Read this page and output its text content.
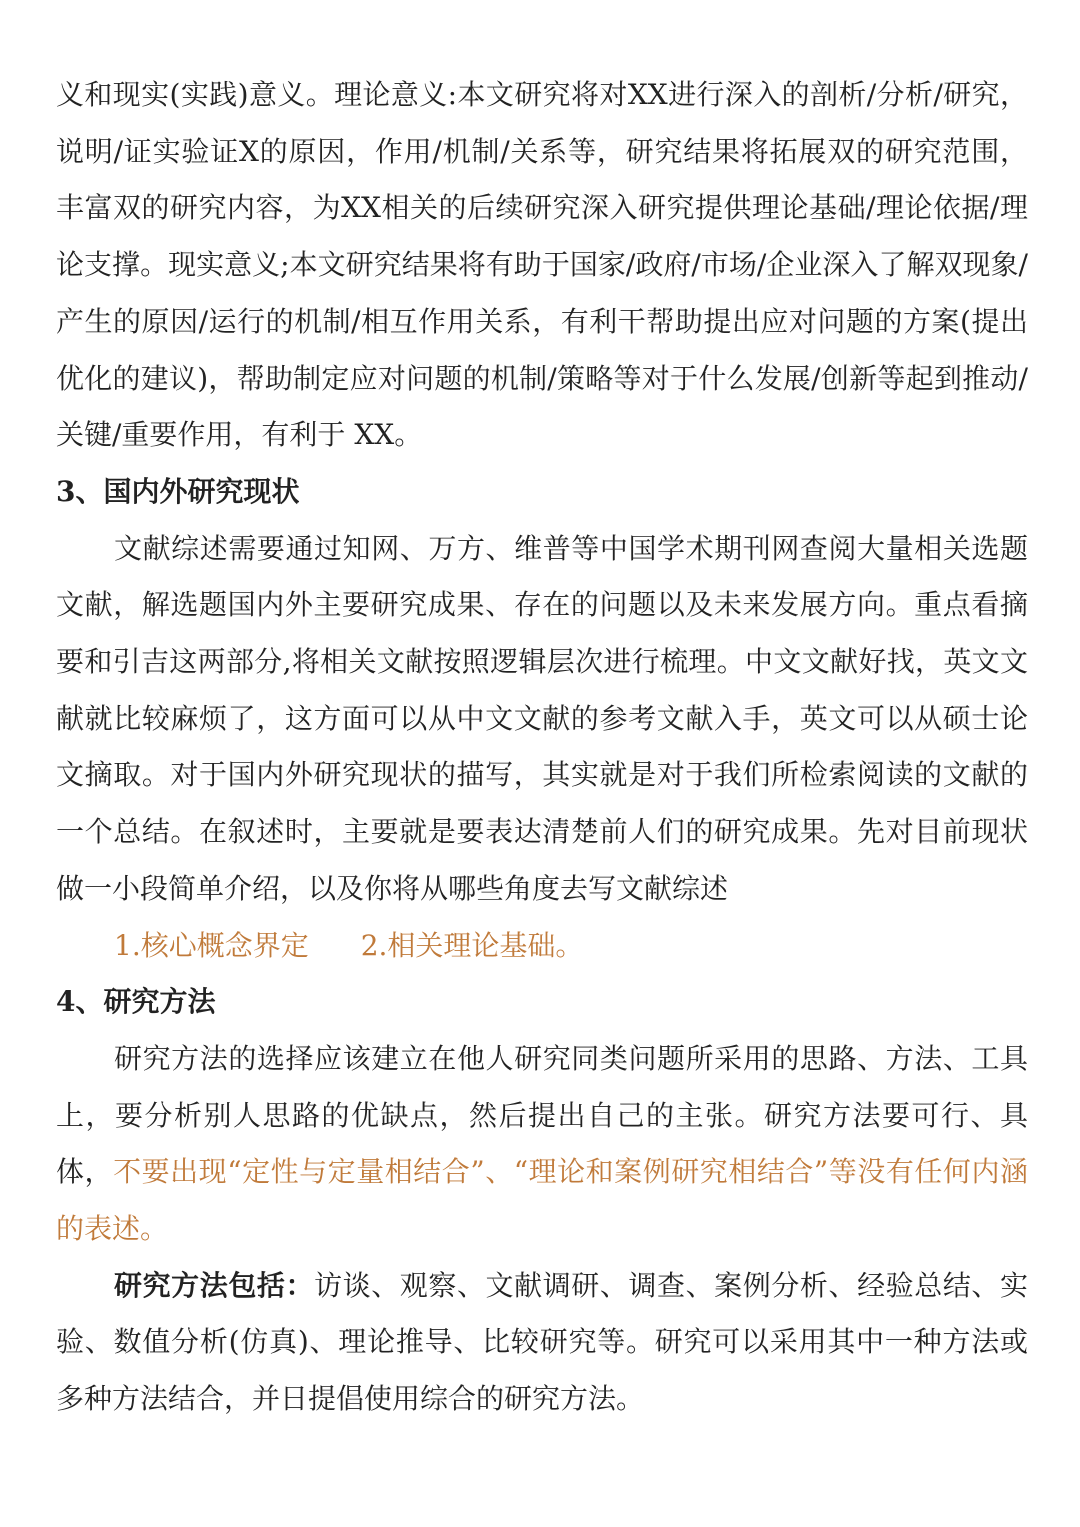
义和现实(实践)意义。理论意义:本文研究将对XX进行深入的剖析/分析/研究，说明/证实验证X的原因，作用/机制/关系等，研究结果将拓展双的研究范围，丰富双的研究内容，为XX相关的后续研究深入研究提供理论基础/理论依据/理论支撑。现实意义;本文研究结果将有助于国家/政府/市场/企业深入了解双现象/产生的原因/运行的机制/相互作用关系，有利干帮助提出应对问题的方案(提出优化的建议)，帮助制定应对问题的机制/策略等对于什么发展/创新等起到推动/关键/重要作用，有利于 XX。

3、国内外研究现状

文献综述需要通过知网、万方、维普等中国学术期刊网查阅大量相关选题文献，解选题国内外主要研究成果、存在的问题以及未来发展方向。重点看摘要和引吉这两部分,将相关文献按照逻辑层次进行梳理。中文文献好找，英文文献就比较麻烦了，这方面可以从中文文献的参考文献入手，英文可以从硕士论文摘取。对于国内外研究现状的描写，其实就是对于我们所检索阅读的文献的一个总结。在叙述时，主要就是要表达清楚前人们的研究成果。先对目前现状做一小段简单介绍，以及你将从哪些角度去写文献综述

1.核心概念界定 2.相关理论基础。

4、研究方法

研究方法的选择应该建立在他人研究同类问题所采用的思路、方法、工具上，要分析别人思路的优缺点，然后提出自己的主张。研究方法要可行、具体，不要出现“定性与定量相结合”、“理论和案例研究相结合”等没有任何内涵的表述。

研究方法包括：访谈、观察、文献调研、调查、案例分析、经验总结、实验、数值分析(仿真)、理论推导、比较研究等。研究可以采用其中一种方法或多种方法结合，并日提倡使用综合的研究方法。
